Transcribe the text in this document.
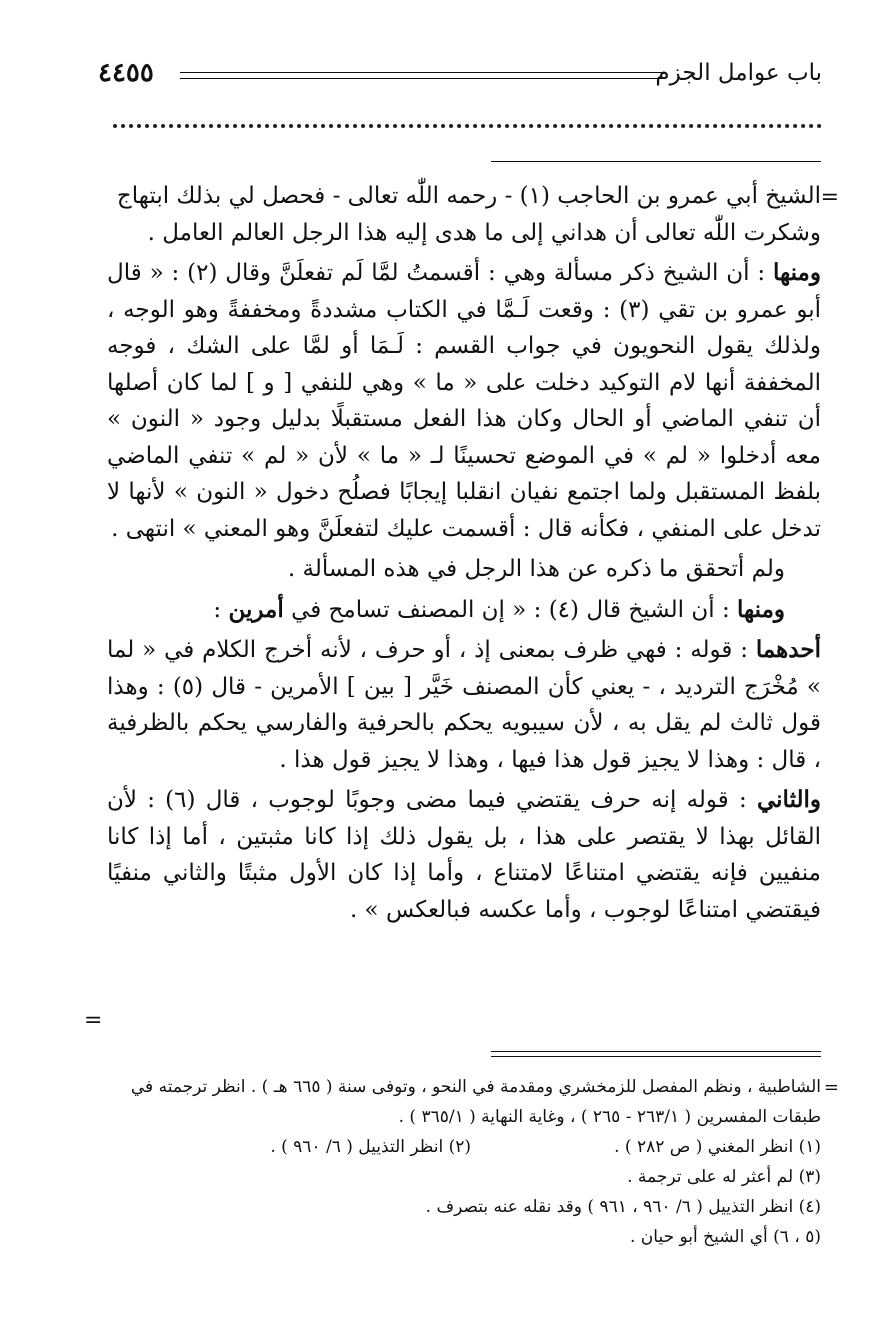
٤٤٥٥	باب عوامل الجزم
=

الشيخ أبي عمرو بن الحاجب (١) - رحمه اللّٰه تعالى - فحصل لي بذلك ابتهاج
وشكرت اللّٰه تعالى أن هداني إلى ما هدى إليه هذا الرجل العالم العامل .

ومنها : أن الشيخ ذكر مسألة وهي : أقسمتُ لمَّا لَم تفعلَنَّ وقال (٢) : « قال أبو عمرو بن تقي (٣) : وقعت لَـمَّا في الكتاب مشددةً ومخففةً وهو الوجه ، ولذلك يقول النحويون في جواب القسم : لَـمَا أو لمَّا على الشك ، فوجه المخففة أنها لام التوكيد دخلت على « ما » وهي للنفي [ و ] لما كان أصلها أن تنفي الماضي أو الحال وكان هذا الفعل مستقبلًا بدليل وجود « النون » معه أدخلوا « لم » في الموضع تحسينًا لـ « ما » لأن « لم » تنفي الماضي بلفظ المستقبل ولما اجتمع نفيان انقلبا إيجابًا فصلُح دخول « النون » لأنها لا تدخل على المنفي ، فكأنه قال : أقسمت عليك لتفعلَنَّ وهو المعني » انتهى .

ولم أتحقق ما ذكره عن هذا الرجل في هذه المسألة .

ومنها : أن الشيخ قال (٤) : « إن المصنف تسامح في أمرين :

أحدهما : قوله : فهي ظرف بمعنى إذ ، أو حرف ، لأنه أخرج الكلام في « لما » مُخْرَج الترديد ، - يعني كأن المصنف خَيَّر [ بين ] الأمرين - قال (٥) : وهذا قول ثالث لم يقل به ، لأن سيبويه يحكم بالحرفية والفارسي يحكم بالظرفية ، قال : وهذا لا يجيز قول هذا فيها ، وهذا لا يجيز قول هذا .

والثاني : قوله إنه حرف يقتضي فيما مضى وجوبًا لوجوب ، قال (٦) : لأن القائل بهذا لا يقتصر على هذا ، بل يقول ذلك إذا كانا مثبتين ، أما إذا كانا منفيين فإنه يقتضي امتناعًا لامتناع ، وأما إذا كان الأول مثبتًا والثاني منفيًا فيقتضي امتناعًا لوجوب ، وأما عكسه فبالعكس » .

=
=

الشاطبية ، ونظم المفصل للزمخشري ومقدمة في النحو ، وتوفى سنة ( ٦٦٥ هـ ) . انظر ترجمته في

طبقات المفسرين ( ٢٦٣/١ - ٢٦٥ ) ، وغاية النهاية ( ٣٦٥/١ ) .

(١) انظر المغني ( ص ٢٨٢ ) .
(٢) انظر التذييل ( ٦/ ٩٦٠ ) .

(٣) لم أعثر له على ترجمة .

(٤) انظر التذييل ( ٦/ ٩٦٠ ، ٩٦١ ) وقد نقله عنه بتصرف .

(٥ ، ٦) أي الشيخ أبو حيان .
